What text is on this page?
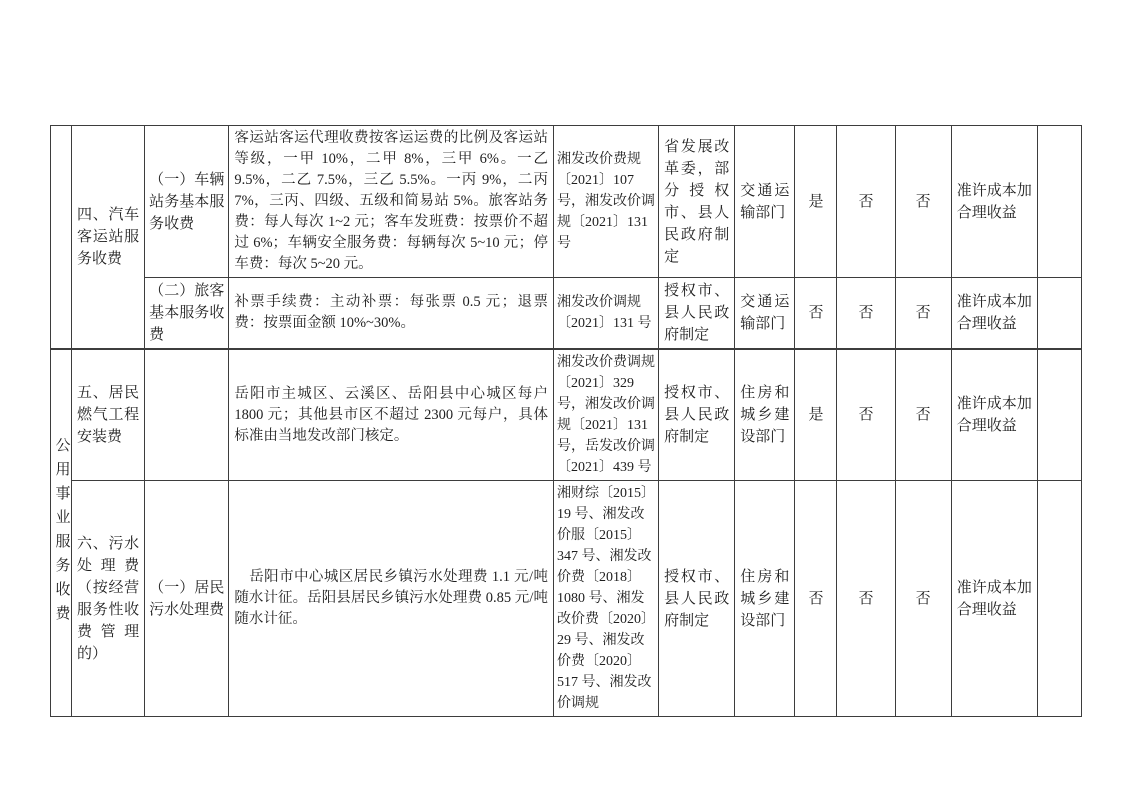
	四、汽车客运站服务收费	（一）车辆站务基本服务收费	客运站客运代理收费按客运运费的比例及客运站等级，一甲 10%，二甲 8%，三甲 6%。一乙 9.5%，二乙 7.5%，三乙 5.5%。一丙 9%，二丙 7%，三丙、四级、五级和简易站 5%。旅客站务费：每人每次 1~2 元；客车发班费：按票价不超过 6%；车辆安全服务费：每辆每次 5~10 元；停车费：每次 5~20 元。	湘发改价费规〔2021〕107 号，湘发改价调规〔2021〕131 号	省发展改革委，部分授权市、县人民政府制定	交通运输部门	是	否	否	准许成本加合理收益	
		（二）旅客基本服务收费	补票手续费：主动补票：每张票 0.5 元；退票费：按票面金额 10%~30%。	湘发改价调规〔2021〕131 号	授权市、县人民政府制定	交通运输部门	否	否	否	准许成本加合理收益	
公用事业服务收费	五、居民燃气工程安装费		岳阳市主城区、云溪区、岳阳县中心城区每户 1800 元；其他县市区不超过 2300 元每户，具体标准由当地发改部门核定。	湘发改价费调规〔2021〕329 号，湘发改价调规〔2021〕131 号，岳发改价调〔2021〕439 号	授权市、县人民政府制定	住房和城乡建设部门	是	否	否	准许成本加合理收益	
	六、污水处理费（按经营服务性收费管理的）	（一）居民污水处理费	　岳阳市中心城区居民乡镇污水处理费 1.1 元/吨随水计征。岳阳县居民乡镇污水处理费 0.85 元/吨随水计征。	湘财综〔2015〕19 号、湘发改价服〔2015〕347 号、湘发改价费〔2018〕1080 号、湘发改价费〔2020〕29 号、湘发改价费〔2020〕517 号、湘发改价调规	授权市、县人民政府制定	住房和城乡建设部门	否	否	否	准许成本加合理收益	
